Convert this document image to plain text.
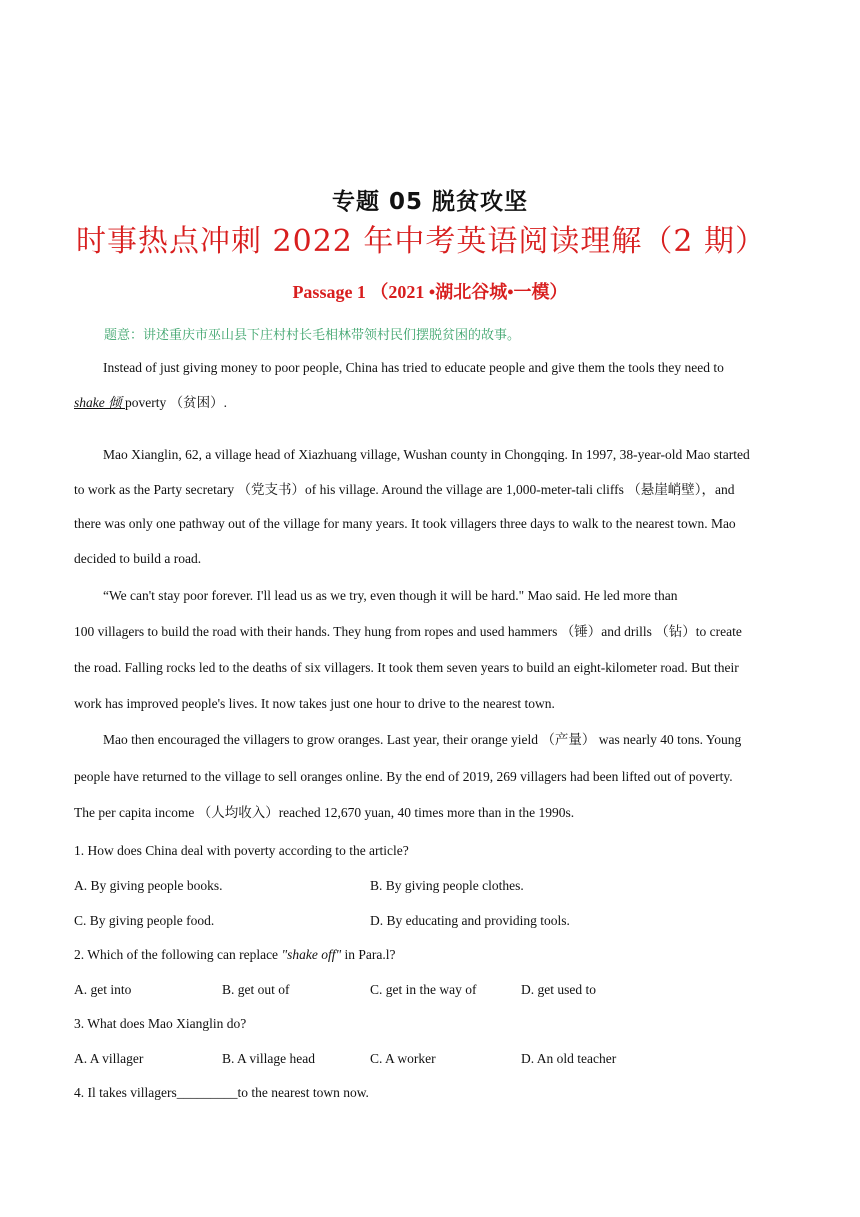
专题 05 脱贫攻坚
时事热点冲刺 2022 年中考英语阅读理解（2 期）
Passage 1 （2021 •湖北谷城•一模）
题意：讲述重庆市巫山县下庄村村长毛相林带领村民们摆脱贫困的故事。
Instead of just giving money to poor people, China has tried to educate people and give them the tools they need to
shake 倾 poverty （贫困）.
Mao Xianglin, 62, a village head of Xiazhuang village, Wushan county in Chongqing. In 1997, 38-year-old Mao started
to work as the Party secretary （党支书）of his village. Around the village are 1,000-meter-tali cliffs （悬崖峭壁），and
there was only one pathway out of the village for many years. It took villagers three days to walk to the nearest town. Mao
decided to build a road.
“We can't stay poor forever. I'll lead us as we try, even though it will be hard." Mao said. He led more than
100 villagers to build the road with their hands. They hung from ropes and used hammers （锤）and drills （钻）to create
the road. Falling rocks led to the deaths of six villagers. It took them seven years to build an eight-kilometer road. But their
work has improved people's lives. It now takes just one hour to drive to the nearest town.
Mao then encouraged the villagers to grow oranges. Last year, their orange yield （产量） was nearly 40 tons. Young
people have returned to the village to sell oranges online. By the end of 2019, 269 villagers had been lifted out of poverty.
The per capita income （人均收入）reached 12,670 yuan, 40 times more than in the 1990s.
1. How does China deal with poverty according to the article?
A. By giving people books.	B. By giving people clothes.
C. By giving people food.	D. By educating and providing tools.
2. Which of the following can replace "shake off" in Para.l?
A. get into	B. get out of	C. get in the way of	D. get used to
3. What does Mao Xianglin do?
A. A villager	B. A village head	C. A worker	D. An old teacher
4. Il takes villagers_________to the nearest town now.
